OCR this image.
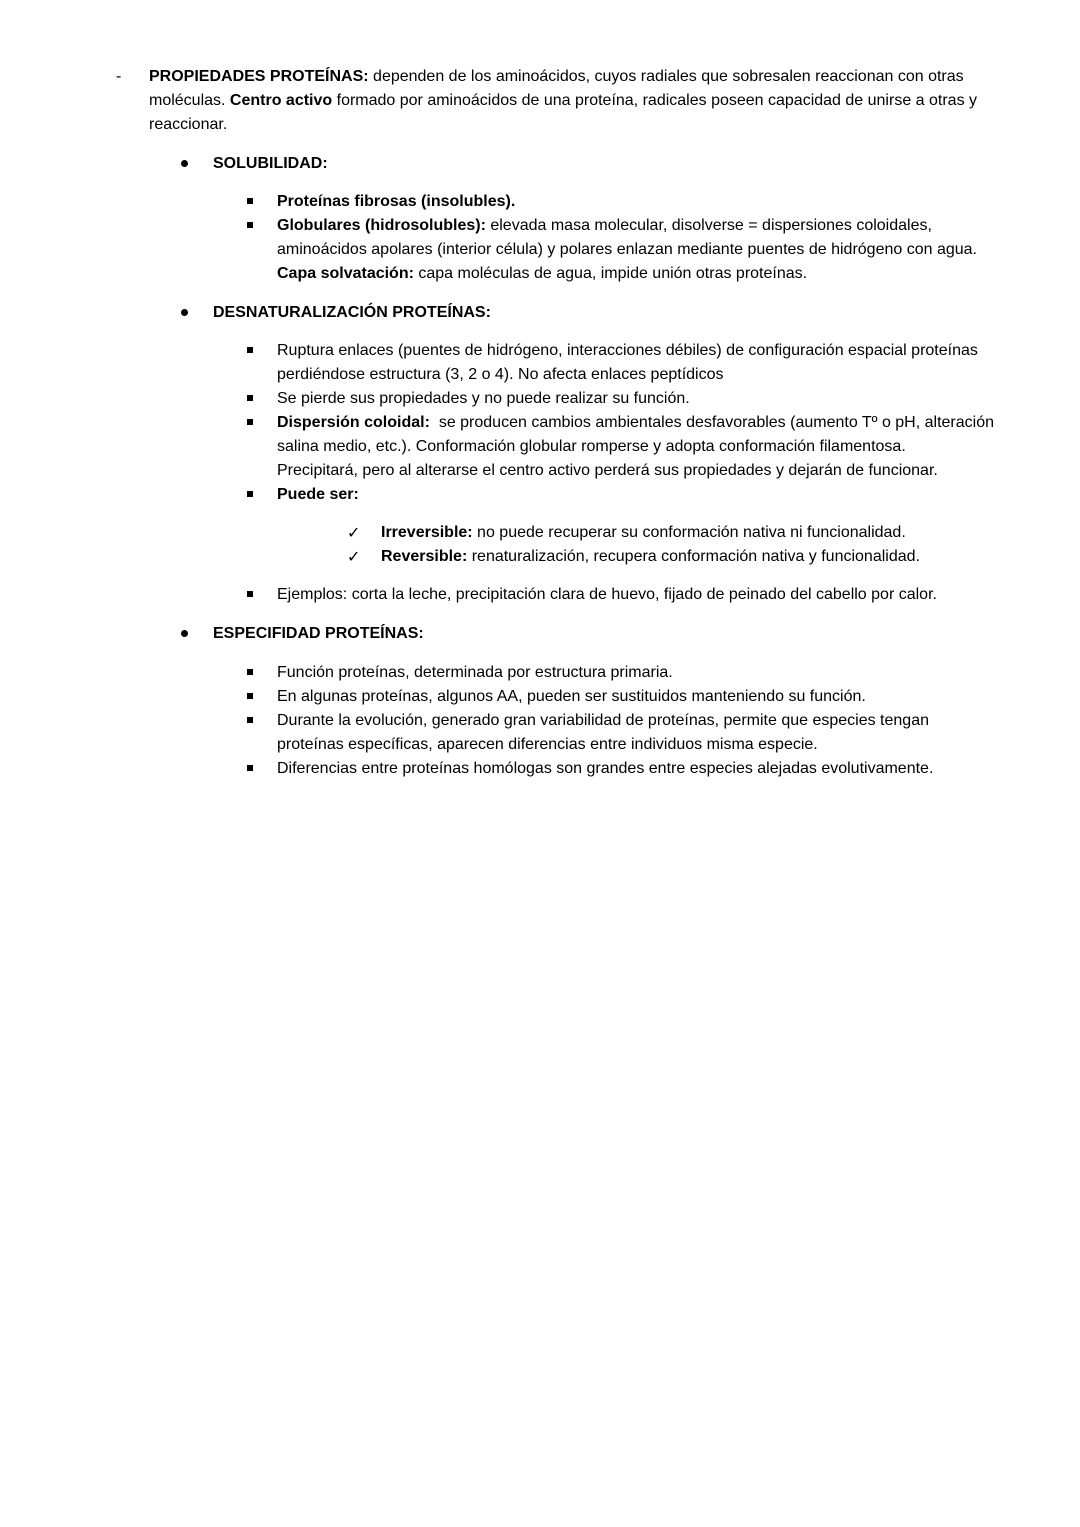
- PROPIEDADES PROTEÍNAS: dependen de los aminoácidos, cuyos radiales que sobresalen reaccionan con otras
moléculas. Centro activo formado por aminoácidos de una proteína, radicales poseen capacidad de unirse a otras y
reaccionar.
SOLUBILIDAD:
Proteínas fibrosas (insolubles).
Globulares (hidrosolubles): elevada masa molecular, disolverse = dispersiones coloidales,
aminoácidos apolares (interior célula) y polares enlazan mediante puentes de hidrógeno con agua.
Capa solvatación: capa moléculas de agua, impide unión otras proteínas.
DESNATURALIZACIÓN PROTEÍNAS:
Ruptura enlaces (puentes de hidrógeno, interacciones débiles) de configuración espacial proteínas
perdiéndose estructura (3, 2 o 4). No afecta enlaces peptídicos
Se pierde sus propiedades y no puede realizar su función.
Dispersión coloidal:  se producen cambios ambientales desfavorables (aumento Tº o pH, alteración
salina medio, etc.). Conformación globular romperse y adopta conformación filamentosa.
Precipitará, pero al alterarse el centro activo perderá sus propiedades y dejarán de funcionar.
Puede ser:
✓ Irreversible: no puede recuperar su conformación nativa ni funcionalidad.
✓ Reversible: renaturalización, recupera conformación nativa y funcionalidad.
Ejemplos: corta la leche, precipitación clara de huevo, fijado de peinado del cabello por calor.
ESPECIFIDAD PROTEÍNAS:
Función proteínas, determinada por estructura primaria.
En algunas proteínas, algunos AA, pueden ser sustituidos manteniendo su función.
Durante la evolución, generado gran variabilidad de proteínas, permite que especies tengan
proteínas específicas, aparecen diferencias entre individuos misma especie.
Diferencias entre proteínas homólogas son grandes entre especies alejadas evolutivamente.
